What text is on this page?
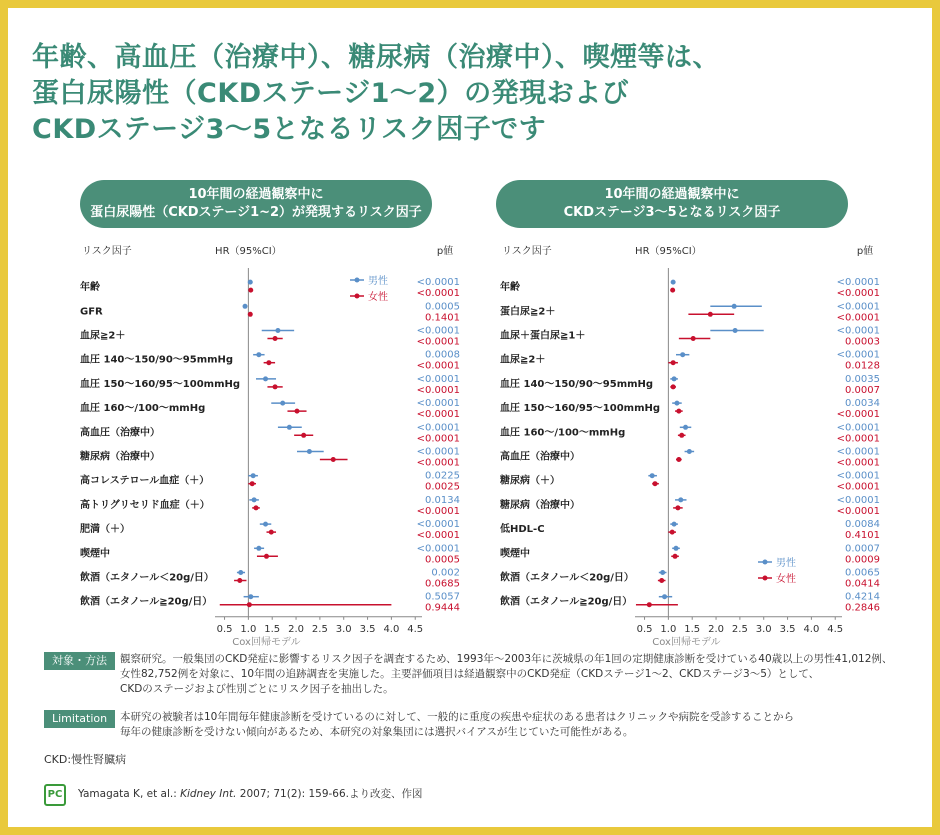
年齢、高血圧（治療中）、糖尿病（治療中）、喫煙等は、
蛋白尿陽性（CKDステージ1～2）の発現および
CKDステージ3～5となるリスク因子です
10年間の経過観察中に
蛋白尿陽性（CKDステージ1~2）が発現するリスク因子
10年間の経過観察中に
CKDステージ3～5となるリスク因子
リスク因子	HR（95%CI）	p値
0.5 1.0 1.5 2.0 2.5 3.0 3.5 4.0 4.5
Cox回帰モデル
年齢	<0.0001
<0.0001
GFR	0.0005
0.1401
血尿≧2＋	<0.0001
<0.0001
血圧 140～150/90～95mmHg	0.0008
<0.0001
血圧 150～160/95～100mmHg	<0.0001
<0.0001
血圧 160～/100～mmHg	<0.0001
<0.0001
高血圧（治療中）	<0.0001
<0.0001
糖尿病（治療中）	<0.0001
<0.0001
高コレステロール血症（＋）	0.0225
0.0025
高トリグリセリド血症（＋）	0.0134
<0.0001
肥満（＋）	<0.0001
<0.0001
喫煙中	<0.0001
0.0005
飲酒（エタノール＜20g/日）	0.002
0.0685
飲酒（エタノール≧20g/日）	0.5057
0.9444
男性
女性
リスク因子	HR（95%CI）	p値
0.5 1.0 1.5 2.0 2.5 3.0 3.5 4.0 4.5
Cox回帰モデル
年齢	<0.0001
<0.0001
蛋白尿≧2＋	<0.0001
<0.0001
血尿＋蛋白尿≧1＋	<0.0001
0.0003
血尿≧2＋	<0.0001
0.0128
血圧 140～150/90～95mmHg	0.0035
0.0007
血圧 150～160/95～100mmHg	0.0034
<0.0001
血圧 160～/100～mmHg	<0.0001
<0.0001
高血圧（治療中）	<0.0001
<0.0001
糖尿病（＋）	<0.0001
<0.0001
糖尿病（治療中）	<0.0001
<0.0001
低HDL-C	0.0084
0.4101
喫煙中	0.0007
0.0009
飲酒（エタノール＜20g/日）	0.0065
0.0414
飲酒（エタノール≧20g/日）	0.4214
0.2846
男性
女性
対象・方法	観察研究。一般集団のCKD発症に影響するリスク因子を調査するため、1993年～2003年に茨城県の年1回の定期健康診断を受けている40歳以上の男性41,012例、
女性82,752例を対象に、10年間の追跡調査を実施した。主要評価項目は経過観察中のCKD発症（CKDステージ1～2、CKDステージ3～5）として、
CKDのステージおよび性別ごとにリスク因子を抽出した。
Limitation	本研究の被験者は10年間毎年健康診断を受けているのに対して、一般的に重度の疾患や症状のある患者はクリニックや病院を受診することから
毎年の健康診断を受けない傾向があるため、本研究の対象集団には選択バイアスが生じていた可能性がある。
CKD:慢性腎臓病
PC	Yamagata K, et al.: Kidney Int. 2007; 71(2): 159-66.より改変、作図
